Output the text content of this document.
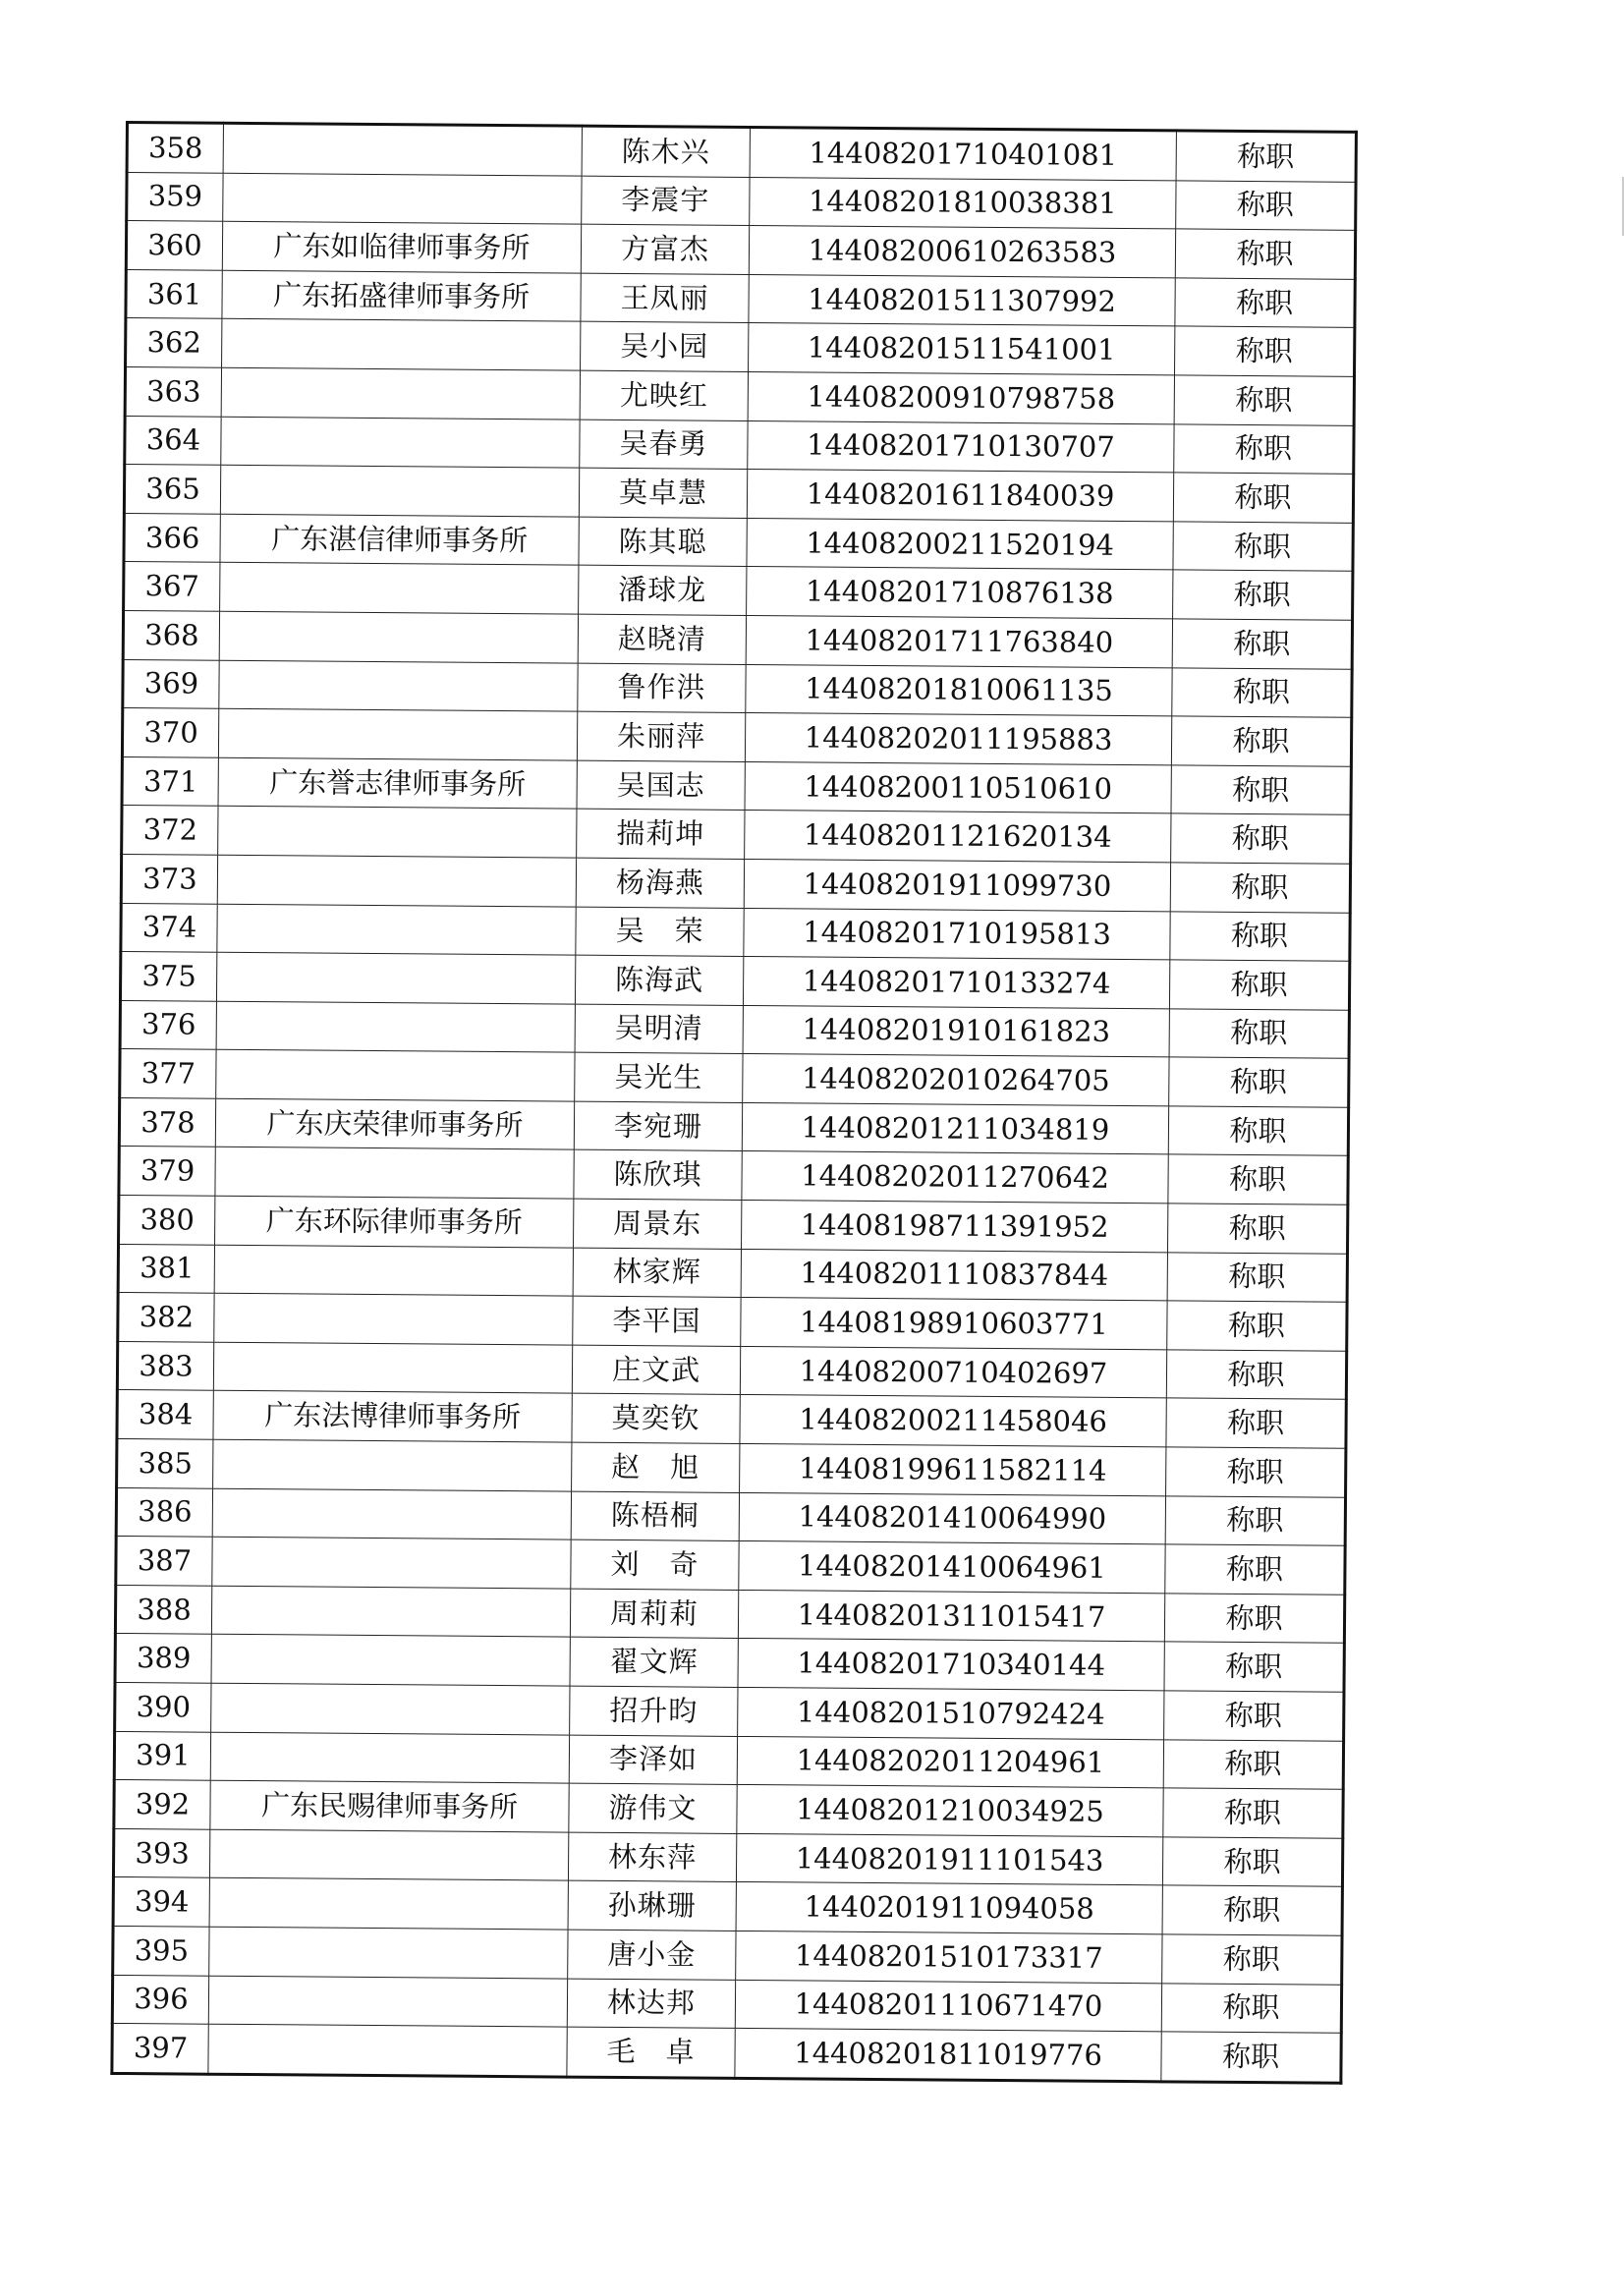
358		陈木兴	14408201710401081	称职
359		李震宇	14408201810038381	称职
360	广东如临律师事务所	方富杰	14408200610263583	称职
361	广东拓盛律师事务所	王凤丽	14408201511307992	称职
362		吴小园	14408201511541001	称职
363		尤映红	14408200910798758	称职
364		吴春勇	14408201710130707	称职
365		莫卓慧	14408201611840039	称职
366	广东湛信律师事务所	陈其聪	14408200211520194	称职
367		潘球龙	14408201710876138	称职
368		赵晓清	14408201711763840	称职
369		鲁作洪	14408201810061135	称职
370		朱丽萍	14408202011195883	称职
371	广东誉志律师事务所	吴国志	14408200110510610	称职
372		揣莉坤	14408201121620134	称职
373		杨海燕	14408201911099730	称职
374		吴　荣	14408201710195813	称职
375		陈海武	14408201710133274	称职
376		吴明清	14408201910161823	称职
377		吴光生	14408202010264705	称职
378	广东庆荣律师事务所	李宛珊	14408201211034819	称职
379		陈欣琪	14408202011270642	称职
380	广东环际律师事务所	周景东	14408198711391952	称职
381		林家辉	14408201110837844	称职
382		李平国	14408198910603771	称职
383		庄文武	14408200710402697	称职
384	广东法博律师事务所	莫奕钦	14408200211458046	称职
385		赵　旭	14408199611582114	称职
386		陈梧桐	14408201410064990	称职
387		刘　奇	14408201410064961	称职
388		周莉莉	14408201311015417	称职
389		翟文辉	14408201710340144	称职
390		招升昀	14408201510792424	称职
391		李泽如	14408202011204961	称职
392	广东民赐律师事务所	游伟文	14408201210034925	称职
393		林东萍	14408201911101543	称职
394		孙琳珊	1440201911094058	称职
395		唐小金	14408201510173317	称职
396		林达邦	14408201110671470	称职
397		毛　卓	14408201811019776	称职
